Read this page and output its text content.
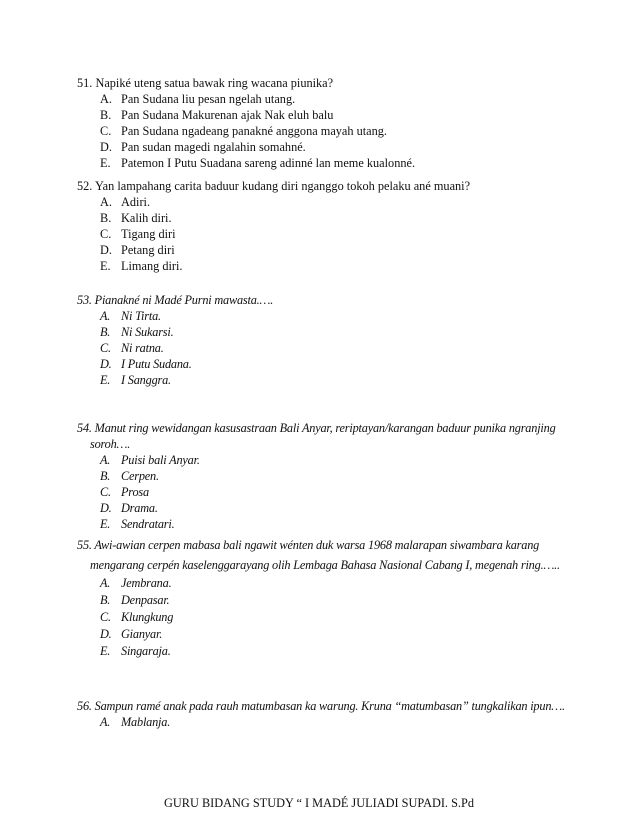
51. Napiké uteng satua bawak ring wacana piunika?

A. Pan Sudana liu pesan ngelah utang.
B. Pan Sudana Makurenan ajak Nak eluh balu
C. Pan Sudana ngadeang panakné anggona mayah utang.
D. Pan sudan magedi ngalahin somahné.
E. Patemon I Putu Suadana sareng adinné lan meme kualonné.

52. Yan lampahang carita baduur kudang diri nganggo tokoh pelaku ané muani?

A. Adiri.
B. Kalih diri.
C. Tigang diri
D. Petang diri
E. Limang diri.

53. Pianakné ni Madé Purni mawasta.….

A. Ni Tirta.
B. Ni Sukarsi.
C. Ni ratna.
D. I Putu Sudana.
E. I Sanggra.

54. Manut ring wewidangan kasusastraan Bali Anyar, reriptayan/karangan baduur punika ngranjing soroh….

A. Puisi bali Anyar.
B. Cerpen.
C. Prosa
D. Drama.
E. Sendratari.

55. Awi-awian cerpen mabasa bali ngawit wénten duk warsa 1968 malarapan siwambara karang mengarang cerpén kaselenggarayang olih Lembaga Bahasa Nasional Cabang I, megenah ring.…..

A. Jembrana.
B. Denpasar.
C. Klungkung
D. Gianyar.
E. Singaraja.

56. Sampun ramé anak pada rauh matumbasan ka warung. Kruna “matumbasan” tungkalikan ipun….

A. Mablanja.
GURU BIDANG STUDY “ I MADÉ JULIADI SUPADI. S.Pd
